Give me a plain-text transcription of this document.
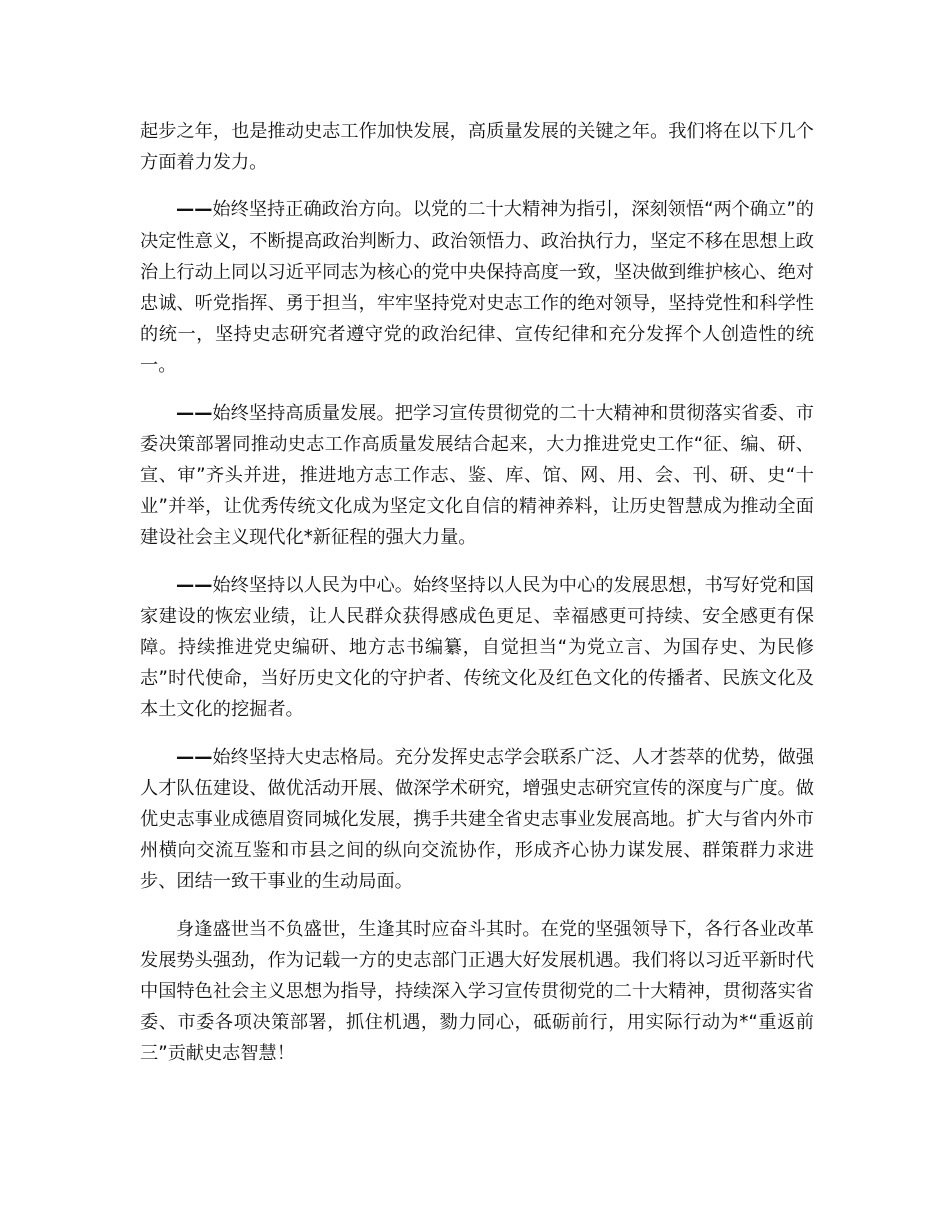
起步之年，也是推动史志工作加快发展，高质量发展的关键之年。我们将在以下几个方面着力发力。

——始终坚持正确政治方向。以党的二十大精神为指引，深刻领悟“两个确立”的决定性意义，不断提高政治判断力、政治领悟力、政治执行力，坚定不移在思想上政治上行动上同以习近平同志为核心的党中央保持高度一致，坚决做到维护核心、绝对忠诚、听党指挥、勇于担当，牢牢坚持党对史志工作的绝对领导，坚持党性和科学性的统一，坚持史志研究者遵守党的政治纪律、宣传纪律和充分发挥个人创造性的统一。

——始终坚持高质量发展。把学习宣传贯彻党的二十大精神和贯彻落实省委、市委决策部署同推动史志工作高质量发展结合起来，大力推进党史工作“征、编、研、宣、审”齐头并进，推进地方志工作志、鉴、库、馆、网、用、会、刊、研、史“十业”并举，让优秀传统文化成为坚定文化自信的精神养料，让历史智慧成为推动全面建设社会主义现代化*新征程的强大力量。

——始终坚持以人民为中心。始终坚持以人民为中心的发展思想，书写好党和国家建设的恢宏业绩，让人民群众获得感成色更足、幸福感更可持续、安全感更有保障。持续推进党史编研、地方志书编纂，自觉担当“为党立言、为国存史、为民修志”时代使命，当好历史文化的守护者、传统文化及红色文化的传播者、民族文化及本土文化的挖掘者。

——始终坚持大史志格局。充分发挥史志学会联系广泛、人才荟萃的优势，做强人才队伍建设、做优活动开展、做深学术研究，增强史志研究宣传的深度与广度。做优史志事业成德眉资同城化发展，携手共建全省史志事业发展高地。扩大与省内外市州横向交流互鉴和市县之间的纵向交流协作，形成齐心协力谋发展、群策群力求进步、团结一致干事业的生动局面。

身逢盛世当不负盛世，生逢其时应奋斗其时。在党的坚强领导下，各行各业改革发展势头强劲，作为记载一方的史志部门正遇大好发展机遇。我们将以习近平新时代中国特色社会主义思想为指导，持续深入学习宣传贯彻党的二十大精神，贯彻落实省委、市委各项决策部署，抓住机遇，勠力同心，砥砺前行，用实际行动为*“重返前三”贡献史志智慧！
